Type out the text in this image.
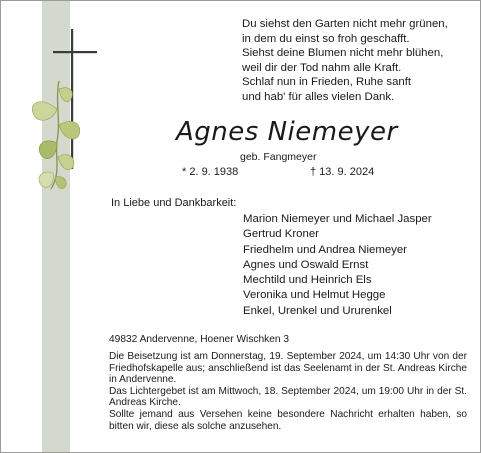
Du siehst den Garten nicht mehr grünen,
in dem du einst so froh geschafft.
Siehst deine Blumen nicht mehr blühen,
weil dir der Tod nahm alle Kraft.
Schlaf nun in Frieden, Ruhe sanft
und hab' für alles vielen Dank.
Agnes Niemeyer
geb. Fangmeyer
* 2. 9. 1938	† 13. 9. 2024
In Liebe und Dankbarkeit:
Marion Niemeyer und Michael Jasper
Gertrud Kroner
Friedhelm und Andrea Niemeyer
Agnes und Oswald Ernst
Mechtild und Heinrich Els
Veronika und Helmut Hegge
Enkel, Urenkel und Ururenkel
49832 Andervenne, Hoener Wischken 3

Die Beisetzung ist am Donnerstag, 19. September 2024, um 14:30 Uhr von der Friedhofskapelle aus; anschließend ist das Seelenamt in der St. Andreas Kirche in Andervenne.

Das Lichtergebet ist am Mittwoch, 18. September 2024, um 19:00 Uhr in der St. Andreas Kirche.

Sollte jemand aus Versehen keine besondere Nachricht erhalten haben, so bitten wir, diese als solche anzusehen.
